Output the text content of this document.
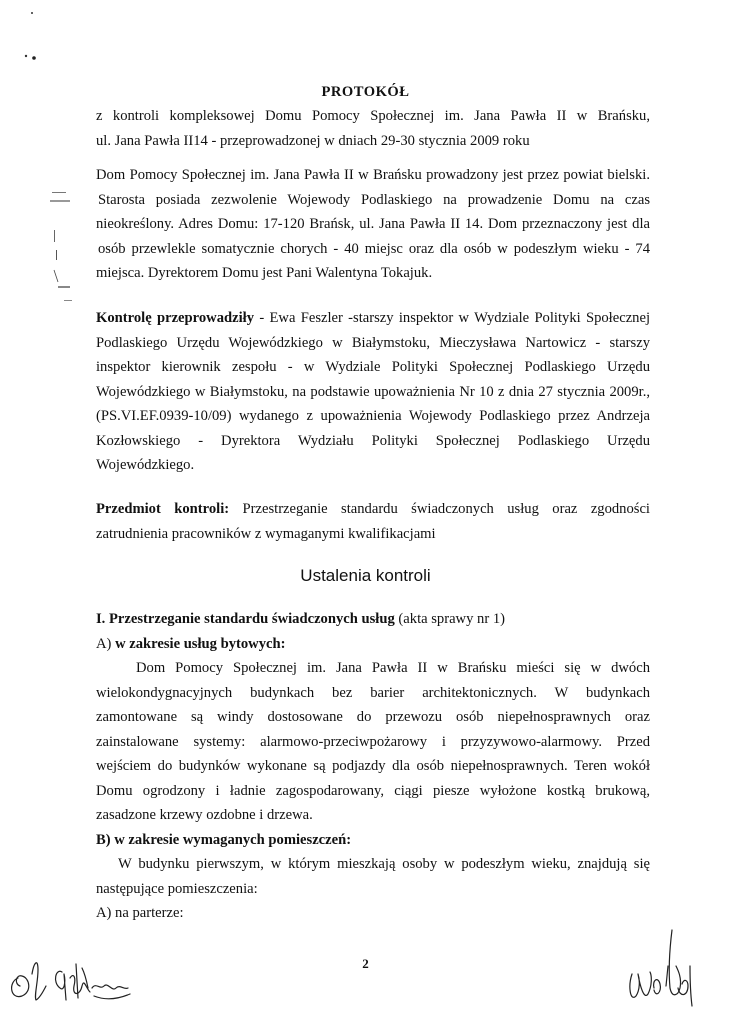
PROTOKÓŁ
z kontroli kompleksowej Domu Pomocy Społecznej im. Jana Pawła II w Brańsku,
ul. Jana Pawła II14 - przeprowadzonej w dniach 29-30 stycznia 2009 roku
Dom Pomocy Społecznej im. Jana Pawła II w Brańsku prowadzony jest przez powiat bielski.
Starosta posiada zezwolenie Wojewody Podlaskiego na prowadzenie Domu na czas
nieokreślony. Adres Domu: 17-120 Brańsk, ul. Jana Pawła II 14. Dom przeznaczony jest dla
osób przewlekle somatycznie chorych - 40 miejsc oraz dla osób w podeszłym wieku - 74
miejsca. Dyrektorem Domu jest Pani Walentyna Tokajuk.
Kontrolę przeprowadziły - Ewa Feszler -starszy inspektor w Wydziale Polityki Społecznej
Podlaskiego Urzędu Wojewódzkiego w Białymstoku, Mieczysława Nartowicz - starszy
inspektor kierownik zespołu - w Wydziale Polityki Społecznej Podlaskiego Urzędu
Wojewódzkiego w Białymstoku, na podstawie upoważnienia Nr 10 z dnia 27 stycznia 2009r.,
(PS.VI.EF.0939-10/09) wydanego z upoważnienia Wojewody Podlaskiego przez Andrzeja
Kozłowskiego - Dyrektora Wydziału Polityki Społecznej Podlaskiego Urzędu
Wojewódzkiego.
Przedmiot kontroli: Przestrzeganie standardu świadczonych usług oraz zgodności
zatrudnienia pracowników z wymaganymi kwalifikacjami
Ustalenia kontroli
I. Przestrzeganie standardu świadczonych usług (akta sprawy nr 1)
A) w zakresie usług bytowych:
Dom Pomocy Społecznej im. Jana Pawła II w Brańsku mieści się w dwóch
wielokondygnacyjnych budynkach bez barier architektonicznych. W budynkach
zamontowane są windy dostosowane do przewozu osób niepełnosprawnych oraz
zainstalowane systemy: alarmowo-przeciwpożarowy i przyzywowo-alarmowy. Przed
wejściem do budynków wykonane są podjazdy dla osób niepełnosprawnych. Teren wokół
Domu ogrodzony i ładnie zagospodarowany, ciągi piesze wyłożone kostką brukową,
zasadzone krzewy ozdobne i drzewa.
B) w zakresie wymaganych pomieszczeń:
W budynku pierwszym, w którym mieszkają osoby w podeszłym wieku, znajdują się
następujące pomieszczenia:
A) na parterze:
2
